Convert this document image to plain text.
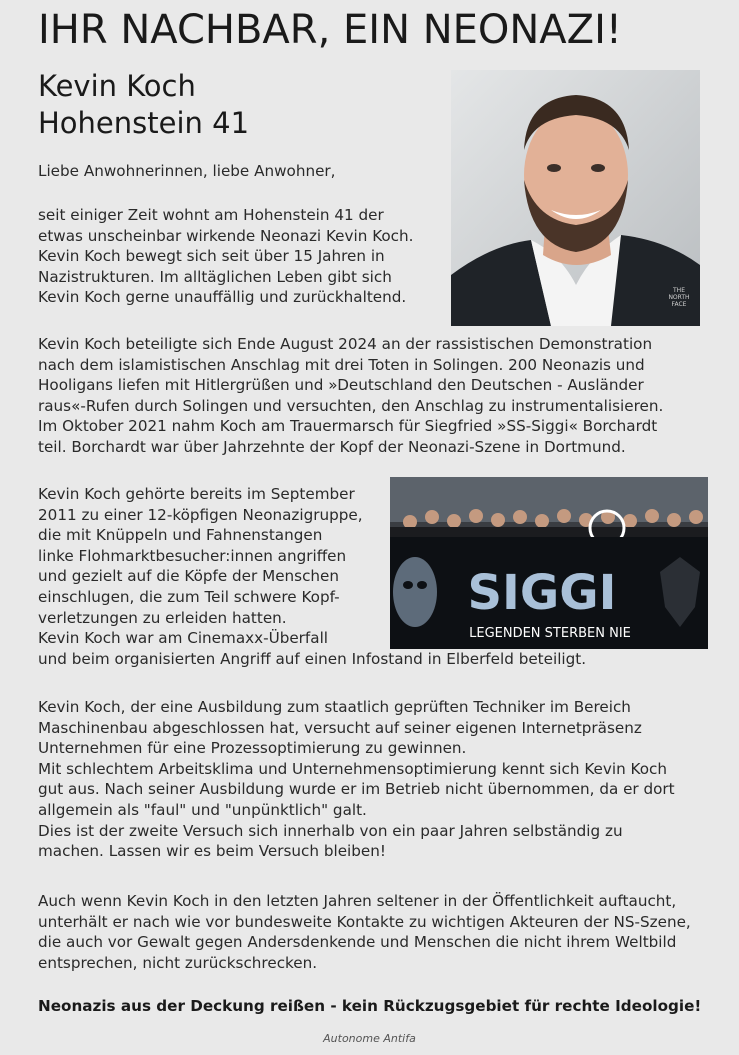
IHR NACHBAR, EIN NEONAZI!
Kevin Koch
Hohenstein 41
THE
NORTH
FACE
Liebe Anwohnerinnen, liebe Anwohner,
seit einiger Zeit wohnt am Hohenstein 41 der
etwas unscheinbar wirkende Neonazi Kevin Koch.
Kevin Koch bewegt sich seit über 15 Jahren in
Nazistrukturen. Im alltäglichen Leben gibt sich
Kevin Koch gerne unauffällig und zurückhaltend.
Kevin Koch beteiligte sich Ende August 2024 an der rassistischen Demonstration
nach dem islamistischen Anschlag mit drei Toten in Solingen. 200 Neonazis und
Hooligans liefen mit Hitlergrüßen und »Deutschland den Deutschen - Ausländer
raus«-Rufen durch Solingen und versuchten, den Anschlag zu instrumentalisieren.
Im Oktober 2021 nahm Koch am Trauermarsch für Siegfried »SS-Siggi« Borchardt
teil. Borchardt war über Jahrzehnte der Kopf der Neonazi-Szene in Dortmund.
SIGGI
LEGENDEN STERBEN NIE
Kevin Koch gehörte bereits im September
2011 zu einer 12-köpfigen Neonazigruppe,
die mit Knüppeln und Fahnenstangen
linke Flohmarktbesucher:innen angriffen
und gezielt auf die Köpfe der Menschen
einschlugen, die zum Teil schwere Kopf-
verletzungen zu erleiden hatten.
Kevin Koch war am Cinemaxx-Überfall
und beim organisierten Angriff auf einen Infostand in Elberfeld beteiligt.
Kevin Koch, der eine Ausbildung zum staatlich geprüften Techniker im Bereich
Maschinenbau abgeschlossen hat, versucht auf seiner eigenen Internetpräsenz
Unternehmen für eine Prozessoptimierung zu gewinnen.
Mit schlechtem Arbeitsklima und Unternehmensoptimierung kennt sich Kevin Koch
gut aus. Nach seiner Ausbildung wurde er im Betrieb nicht übernommen, da er dort
allgemein als "faul" und "unpünktlich" galt.
Dies ist der zweite Versuch sich innerhalb von ein paar Jahren selbständig zu
machen. Lassen wir es beim Versuch bleiben!
Auch wenn Kevin Koch in den letzten Jahren seltener in der Öffentlichkeit auftaucht,
unterhält er nach wie vor bundesweite Kontakte zu wichtigen Akteuren der NS-Szene,
die auch vor Gewalt gegen Andersdenkende und Menschen die nicht ihrem Weltbild
entsprechen, nicht zurückschrecken.
Neonazis aus der Deckung reißen - kein Rückzugsgebiet für rechte Ideologie!
Autonome Antifa
